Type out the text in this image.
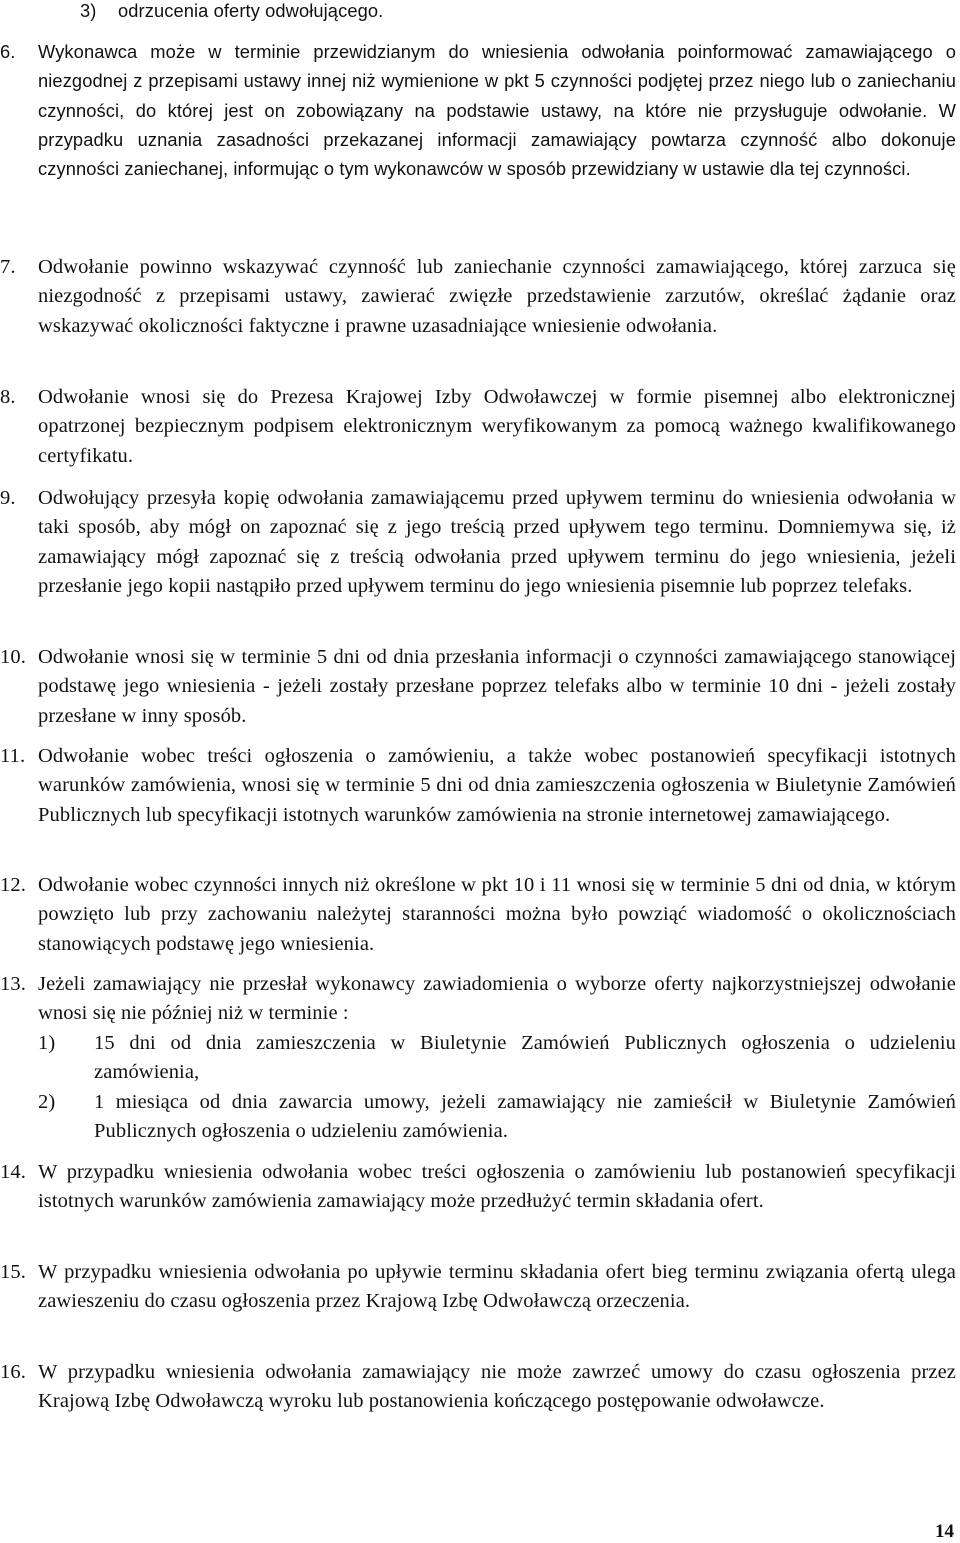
3)	odrzucenia oferty odwołującego.
6.	Wykonawca może w terminie przewidzianym do wniesienia odwołania poinformować zamawiającego o niezgodnej z przepisami ustawy innej niż wymienione w pkt 5 czynności podjętej przez niego lub o zaniechaniu czynności, do której jest on zobowiązany na podstawie ustawy, na które nie przysługuje odwołanie. W przypadku uznania zasadności przekazanej informacji zamawiający powtarza czynność albo dokonuje czynności zaniechanej, informując o tym wykonawców w sposób przewidziany w ustawie dla tej czynności.
7.	Odwołanie powinno wskazywać czynność lub zaniechanie czynności zamawiającego, której zarzuca się niezgodność z przepisami ustawy, zawierać zwięzłe przedstawienie zarzutów, określać żądanie oraz wskazywać okoliczności faktyczne i prawne uzasadniające wniesienie odwołania.
8.	Odwołanie wnosi się do Prezesa Krajowej Izby Odwoławczej w formie pisemnej albo elektronicznej opatrzonej bezpiecznym podpisem elektronicznym weryfikowanym za pomocą ważnego kwalifikowanego certyfikatu.
9.	Odwołujący przesyła kopię odwołania zamawiającemu przed upływem terminu do wniesienia odwołania w taki sposób, aby mógł on zapoznać się z jego treścią przed upływem tego terminu. Domniemywa się, iż zamawiający mógł zapoznać się z treścią odwołania przed upływem terminu do jego wniesienia, jeżeli przesłanie jego kopii nastąpiło przed upływem terminu do jego wniesienia pisemnie lub poprzez telefaks.
10. Odwołanie wnosi się w terminie 5 dni od dnia przesłania informacji o czynności zamawiającego stanowiącej podstawę jego wniesienia - jeżeli zostały przesłane poprzez telefaks albo w terminie 10 dni - jeżeli zostały przesłane w inny sposób.
11. Odwołanie wobec treści ogłoszenia o zamówieniu, a także wobec postanowień specyfikacji istotnych warunków zamówienia, wnosi się w terminie 5 dni od dnia zamieszczenia ogłoszenia w Biuletynie Zamówień Publicznych lub specyfikacji istotnych warunków zamówienia na stronie internetowej zamawiającego.
12. Odwołanie wobec czynności innych niż określone w pkt 10 i 11 wnosi się w terminie 5 dni od dnia, w którym powzięto lub przy zachowaniu należytej staranności można było powziąć wiadomość o okolicznościach stanowiących podstawę jego wniesienia.
13. Jeżeli zamawiający nie przesłał wykonawcy zawiadomienia o wyborze oferty najkorzystniejszej odwołanie wnosi się nie później niż w terminie :
1)	15 dni od dnia zamieszczenia w Biuletynie Zamówień Publicznych ogłoszenia o udzieleniu zamówienia,
2)	1 miesiąca od dnia zawarcia umowy, jeżeli zamawiający nie zamieścił w Biuletynie Zamówień Publicznych ogłoszenia o udzieleniu zamówienia.
14. W przypadku wniesienia odwołania wobec treści ogłoszenia o zamówieniu lub postanowień specyfikacji istotnych warunków zamówienia zamawiający może przedłużyć termin składania ofert.
15. W przypadku wniesienia odwołania po upływie terminu składania ofert bieg terminu związania ofertą ulega zawieszeniu do czasu ogłoszenia przez Krajową Izbę Odwoławczą orzeczenia.
16. W przypadku wniesienia odwołania zamawiający nie może zawrzeć umowy do czasu ogłoszenia przez Krajową Izbę Odwoławczą wyroku lub postanowienia kończącego postępowanie odwoławcze.
14
